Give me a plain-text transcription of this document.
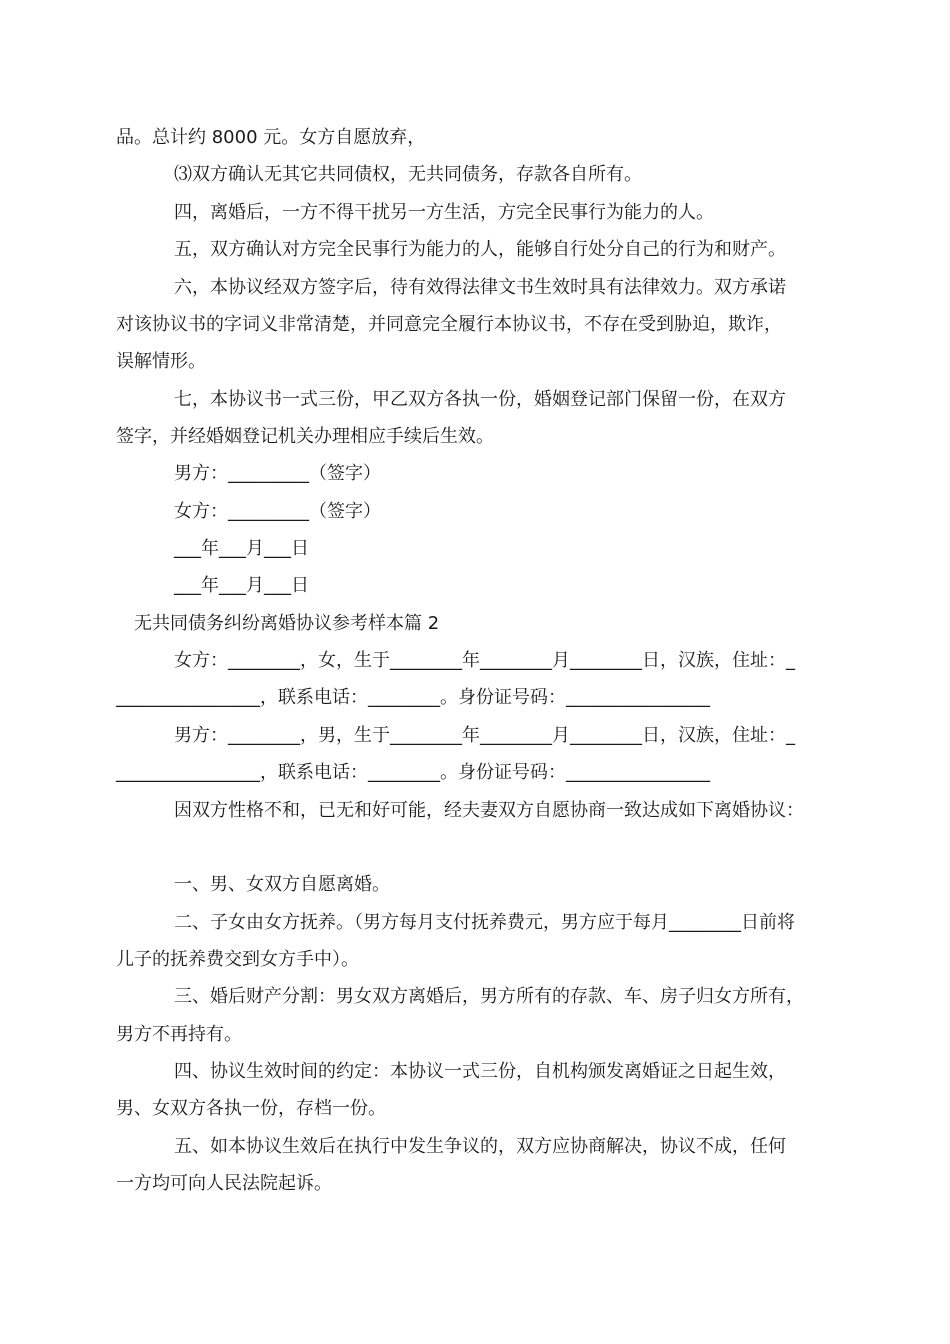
品。总计约 8000 元。女方自愿放弃，
⑶双方确认无其它共同债权，无共同债务，存款各自所有。
四，离婚后，一方不得干扰另一方生活，方完全民事行为能力的人。
五，双方确认对方完全民事行为能力的人，能够自行处分自己的行为和财产。
六，本协议经双方签字后，待有效得法律文书生效时具有法律效力。双方承诺
对该协议书的字词义非常清楚，并同意完全履行本协议书，不存在受到胁迫，欺诈，
误解情形。
七，本协议书一式三份，甲乙双方各执一份，婚姻登记部门保留一份，在双方
签字，并经婚姻登记机关办理相应手续后生效。
男方：_________（签字）
女方：_________（签字）
___年___月___日
___年___月___日
无共同债务纠纷离婚协议参考样本篇 2
女方：________，女，生于________年________月________日，汉族，住址：_
________________，联系电话：________。身份证号码：________________
男方：________，男，生于________年________月________日，汉族，住址：_
________________，联系电话：________。身份证号码：________________
因双方性格不和，已无和好可能，经夫妻双方自愿协商一致达成如下离婚协议：
一、男、女双方自愿离婚。
二、子女由女方抚养。（男方每月支付抚养费元，男方应于每月________日前将
儿子的抚养费交到女方手中）。
三、婚后财产分割：男女双方离婚后，男方所有的存款、车、房子归女方所有，
男方不再持有。
四、协议生效时间的约定：本协议一式三份，自机构颁发离婚证之日起生效，
男、女双方各执一份，存档一份。
五、如本协议生效后在执行中发生争议的，双方应协商解决，协议不成，任何
一方均可向人民法院起诉。
